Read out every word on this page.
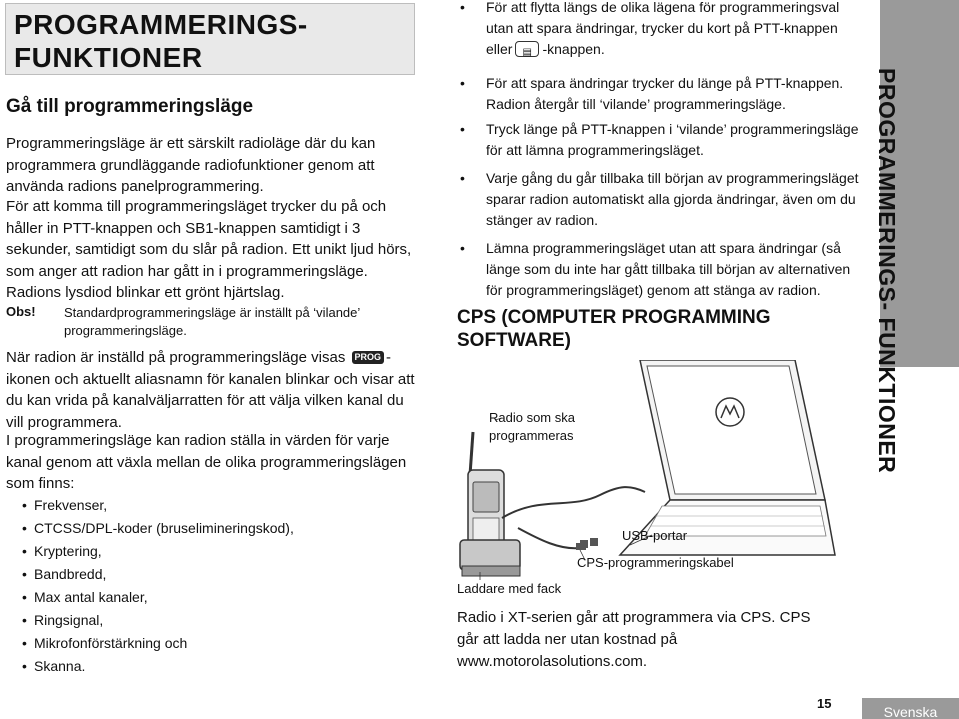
PROGRAMMERINGS-
FUNKTIONER
Gå till programmeringsläge

Programmeringsläge är ett särskilt radioläge där du kan programmera grundläggande radiofunktioner genom att använda radions panelprogrammering.

För att komma till programmeringsläget trycker du på och håller in PTT-knappen och SB1-knappen samtidigt i 3 sekunder, samtidigt som du slår på radion. Ett unikt ljud hörs, som anger att radion har gått in i programmeringsläge. Radions lysdiod blinkar ett grönt hjärtslag.

Obs! Standardprogrammeringsläge är inställt på ‘vilande’ programmeringsläge.

När radion är inställd på programmeringsläge visas PROG -ikonen och aktuellt aliasnamn för kanalen blinkar och visar att du kan vrida på kanalväljarratten för att välja vilken kanal du vill programmera.

I programmeringsläge kan radion ställa in värden för varje kanal genom att växla mellan de olika programmeringslägen som finns:

• Frekvenser,
• CTCSS/DPL-koder (bruselimineringskod),
• Kryptering,
• Bandbredd,
• Max antal kanaler,
• Ringsignal,
• Mikrofonförstärkning och
• Skanna.
• För att flytta längs de olika lägena för programmeringsval utan att spara ändringar, trycker du kort på PTT-knappen eller▤ -knappen.
• För att spara ändringar trycker du länge på PTT-knappen. Radion återgår till ‘vilande’ programmeringsläge.
• Tryck länge på PTT-knappen i ‘vilande’ programmeringsläge för att lämna programmeringsläget.
• Varje gång du går tillbaka till början av programmeringsläget sparar radion automatiskt alla gjorda ändringar, även om du stänger av radion.
• Lämna programmeringsläget utan att spara ändringar (så länge som du inte har gått tillbaka till början av alternativen för programmeringsläget) genom att stänga av radion.
CPS (COMPUTER PROGRAMMING
SOFTWARE)
Radio som ska
programmeras
USB-portar
CPS-programmeringskabel
Laddare med fack
Radio i XT-serien går att programmera via CPS. CPS
går att ladda ner utan kostnad på
www.motorolasolutions.com.
PROGRAMMERINGS- FUNKTIONER
15
Svenska
